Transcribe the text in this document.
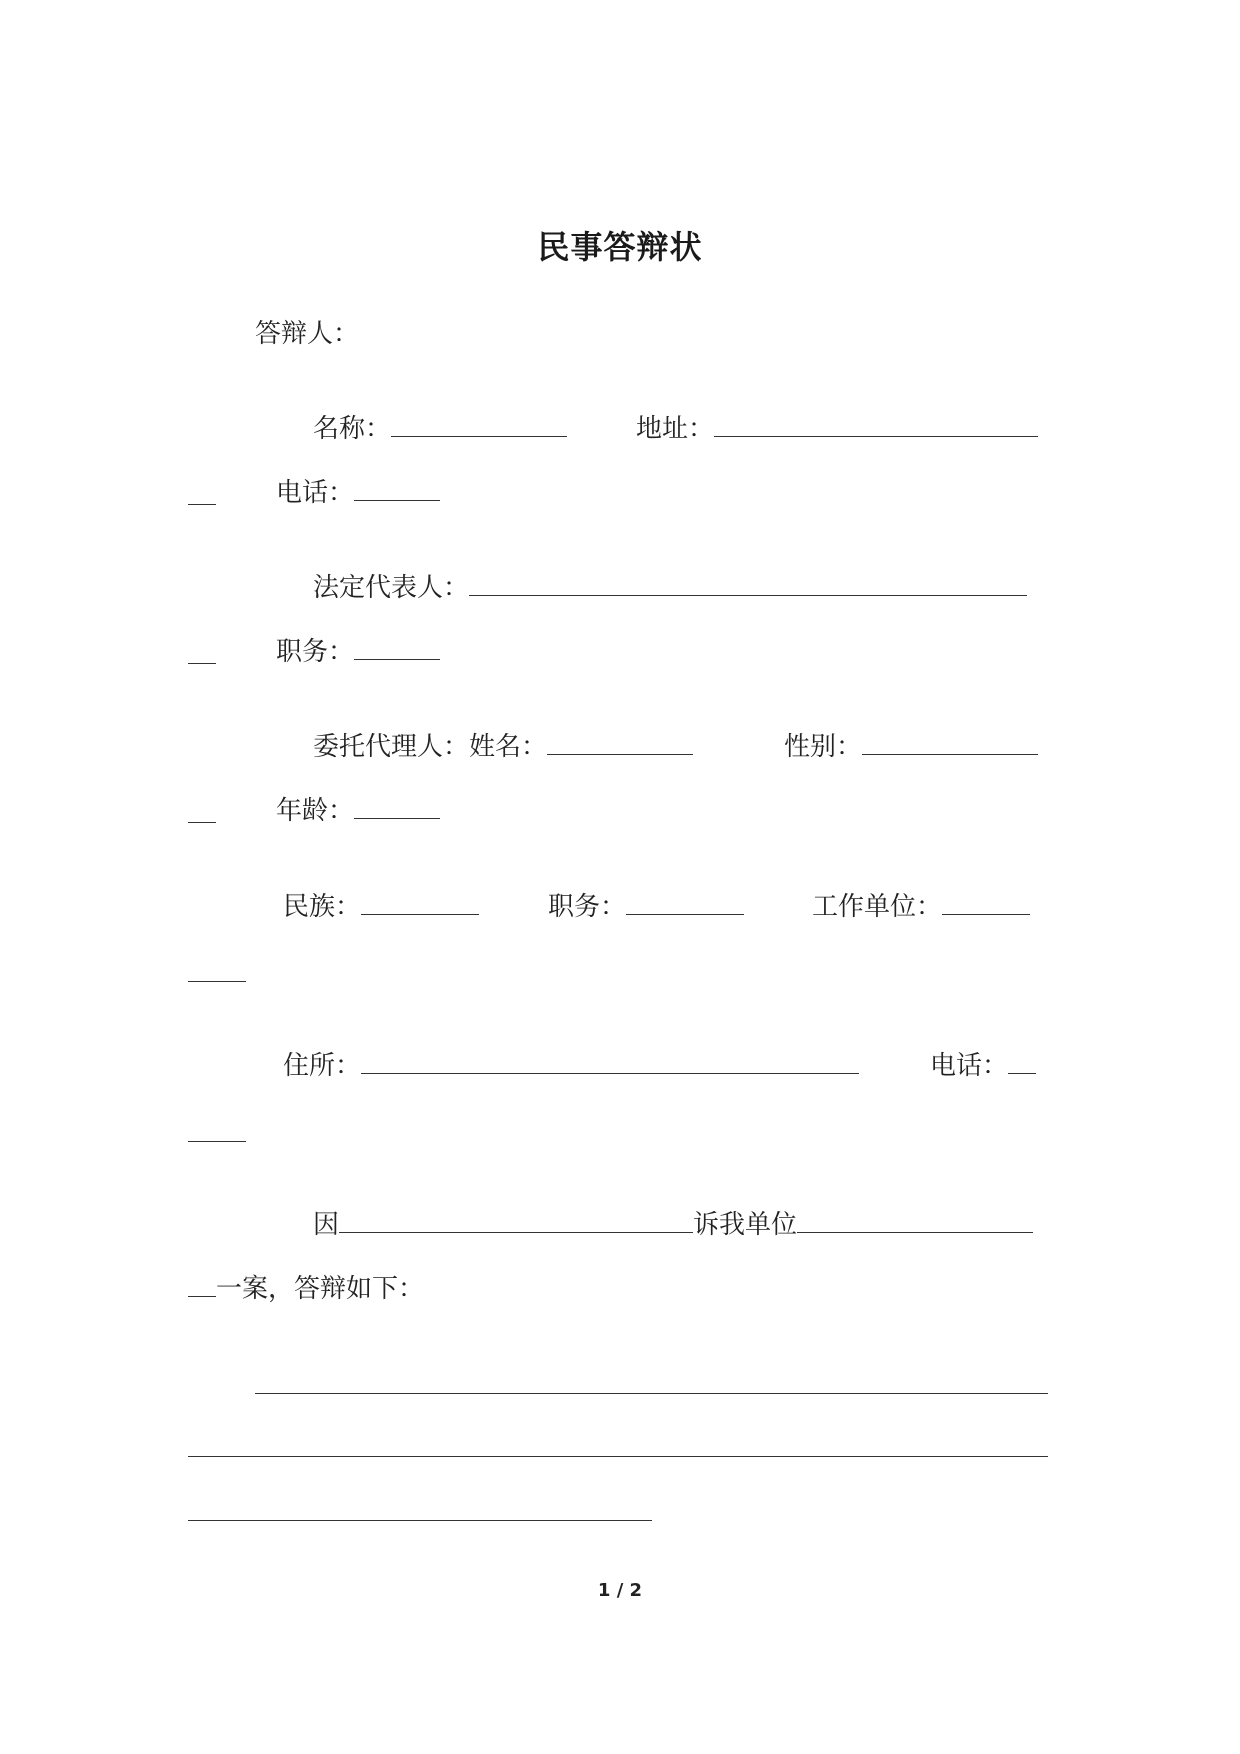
民事答辩状
答辩人：
名称：	地址：
电话：
法定代表人：
职务：
委托代理人：姓名：	性别：
年龄：
民族：	职务：	工作单位：
住所：	电话：
因	诉我单位
一案，答辩如下：
1 / 2
